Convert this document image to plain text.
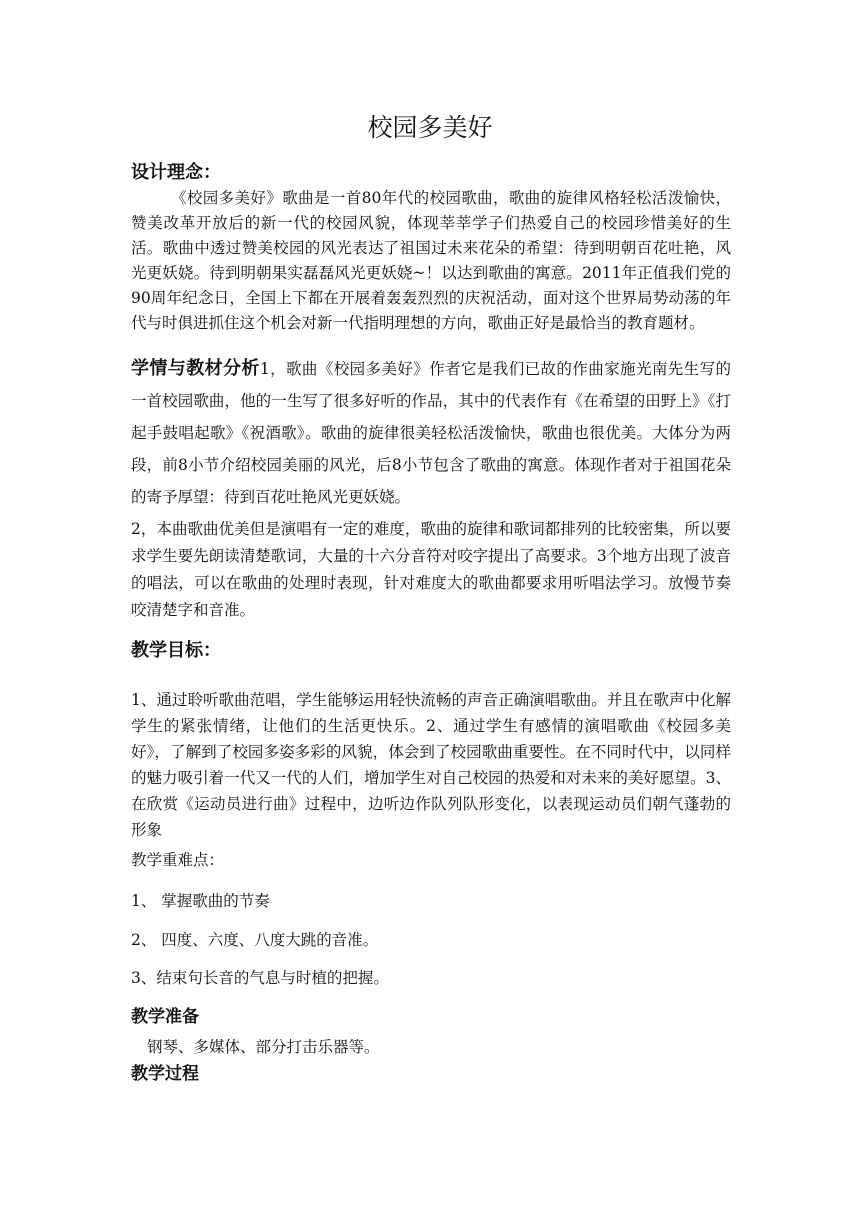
校园多美好
设计理念：
《校园多美好》歌曲是一首80年代的校园歌曲，歌曲的旋律风格轻松活泼愉快，赞美改革开放后的新一代的校园风貌，体现莘莘学子们热爱自己的校园珍惜美好的生活。歌曲中透过赞美校园的风光表达了祖国过未来花朵的希望：待到明朝百花吐艳，风光更妖娆。待到明朝果实磊磊风光更妖娆~！以达到歌曲的寓意。2011年正值我们党的90周年纪念日，全国上下都在开展着轰轰烈烈的庆祝活动，面对这个世界局势动荡的年代与时俱进抓住这个机会对新一代指明理想的方向，歌曲正好是最恰当的教育题材。
学情与教材分析1，歌曲《校园多美好》作者它是我们已故的作曲家施光南先生写的一首校园歌曲，他的一生写了很多好听的作品，其中的代表作有《在希望的田野上》《打起手鼓唱起歌》《祝酒歌》。歌曲的旋律很美轻松活泼愉快，歌曲也很优美。大体分为两段，前8小节介绍校园美丽的风光，后8小节包含了歌曲的寓意。体现作者对于祖国花朵的寄予厚望：待到百花吐艳风光更妖娆。
2，本曲歌曲优美但是演唱有一定的难度，歌曲的旋律和歌词都排列的比较密集，所以要求学生要先朗读清楚歌词，大量的十六分音符对咬字提出了高要求。3个地方出现了波音的唱法，可以在歌曲的处理时表现，针对难度大的歌曲都要求用听唱法学习。放慢节奏咬清楚字和音准。
教学目标：
1、通过聆听歌曲范唱，学生能够运用轻快流畅的声音正确演唱歌曲。并且在歌声中化解学生的紧张情绪，让他们的生活更快乐。2、通过学生有感情的演唱歌曲《校园多美好》，了解到了校园多姿多彩的风貌，体会到了校园歌曲重要性。在不同时代中，以同样的魅力吸引着一代又一代的人们，增加学生对自己校园的热爱和对未来的美好愿望。3、在欣赏《运动员进行曲》过程中，边听边作队列队形变化，以表现运动员们朝气蓬勃的形象
教学重难点：
1、 掌握歌曲的节奏
2、 四度、六度、八度大跳的音准。
3、结束句长音的气息与时植的把握。
教学准备
钢琴、多媒体、部分打击乐器等。
教学过程
